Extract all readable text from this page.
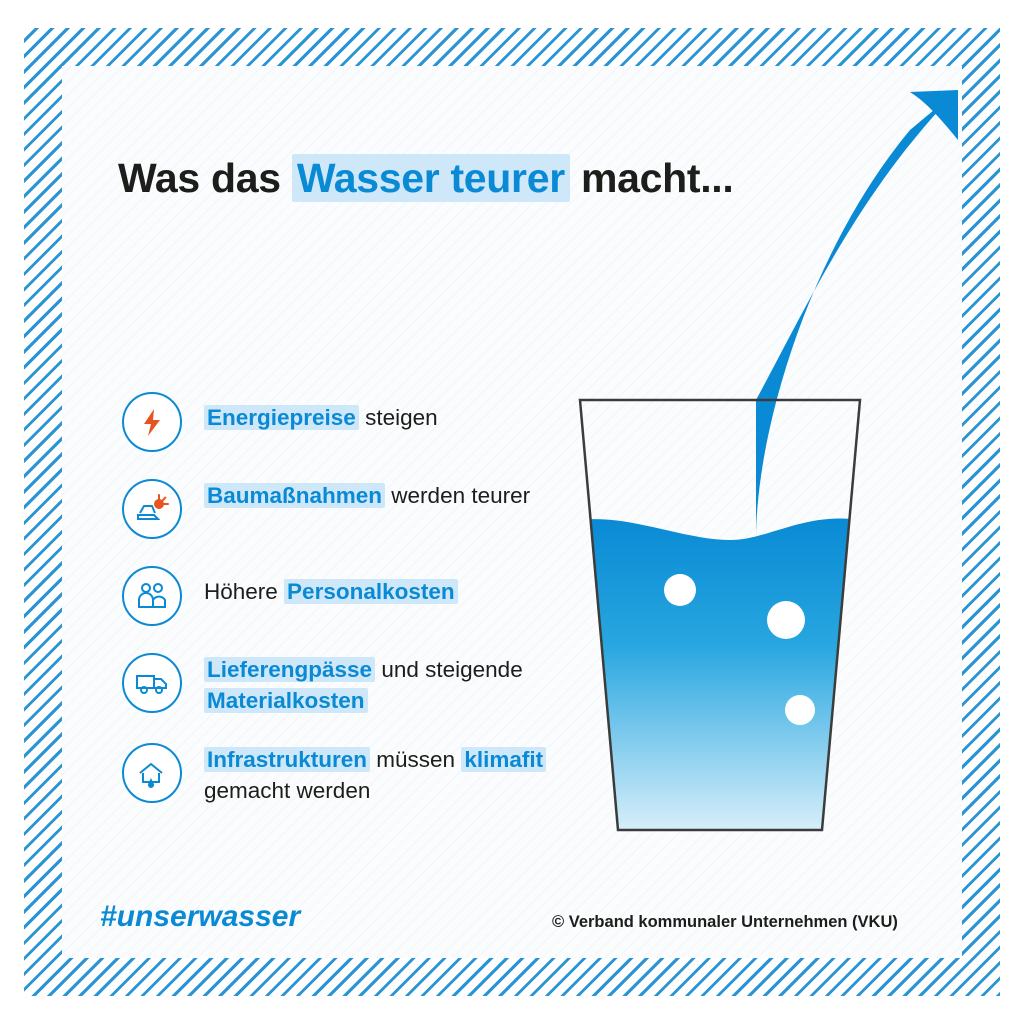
Was das Wasser teurer macht...
Energiepreise steigen
Baumaßnahmen werden teurer
Höhere Personalkosten
Lieferengpässe und steigende Materialkosten
Infrastrukturen müssen klimafit gemacht werden
#unserwasser	© Verband kommunaler Unternehmen (VKU)
